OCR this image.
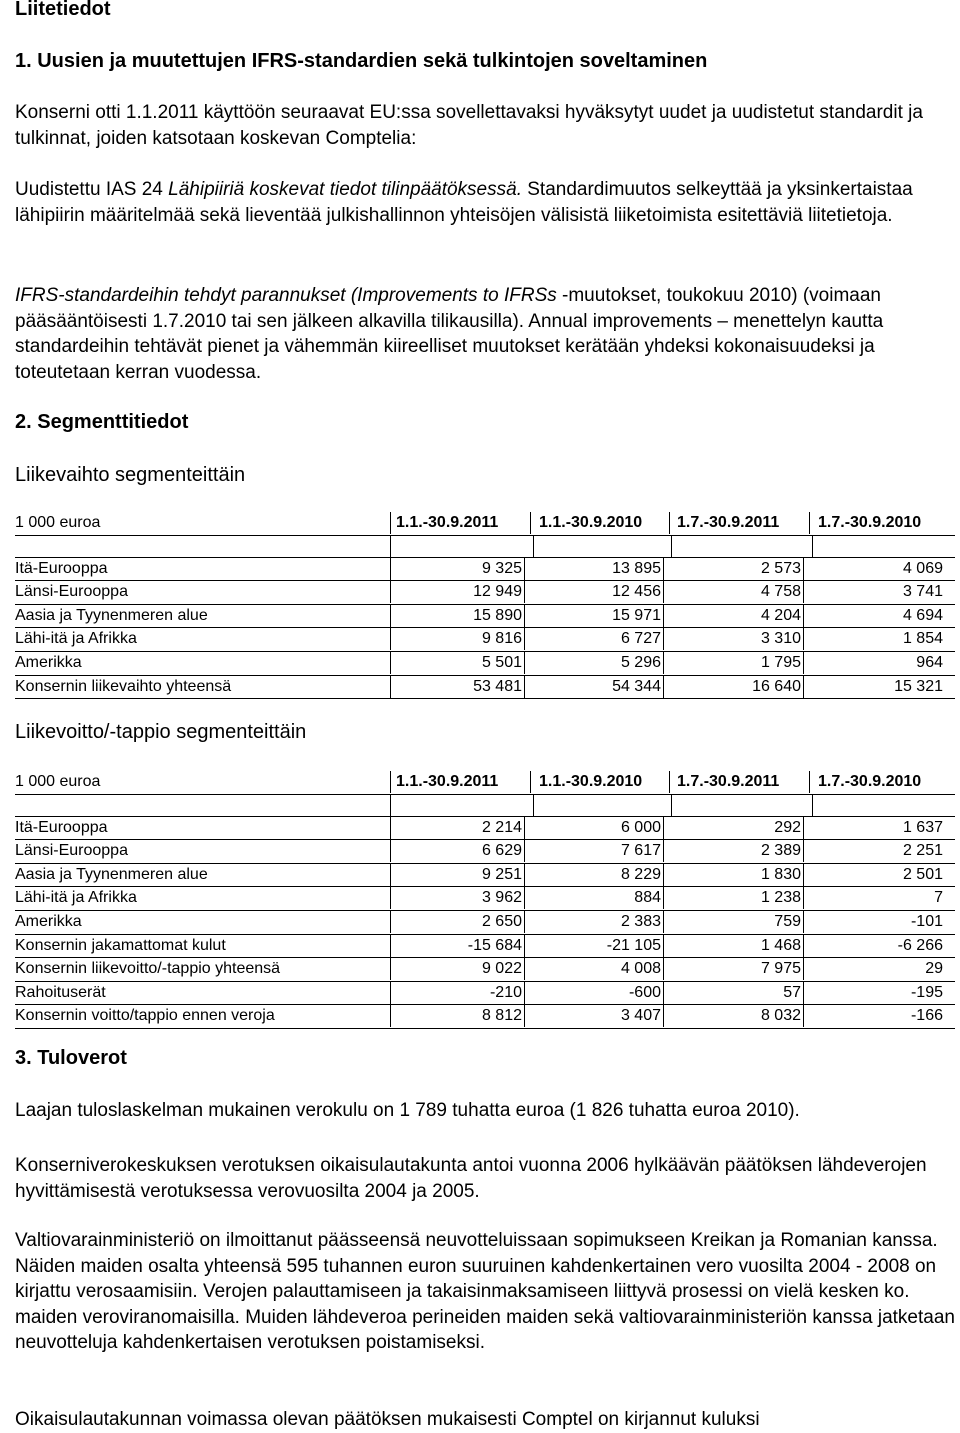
Liitetiedot
1. Uusien ja muutettujen IFRS-standardien sekä tulkintojen soveltaminen
Konserni otti 1.1.2011 käyttöön seuraavat EU:ssa sovellettavaksi hyväksytyt uudet ja uudistetut standardit ja tulkinnat, joiden katsotaan koskevan Comptelia:
Uudistettu IAS 24 Lähipiiriä koskevat tiedot tilinpäätöksessä. Standardimuutos selkeyttää ja yksinkertaistaa lähipiirin määritelmää sekä lieventää julkishallinnon yhteisöjen välisistä liiketoimista esitettäviä liitetietoja.
IFRS-standardeihin tehdyt parannukset (Improvements to IFRSs -muutokset, toukokuu 2010) (voimaan pääsääntöisesti 1.7.2010 tai sen jälkeen alkavilla tilikausilla). Annual improvements – menettelyn kautta standardeihin tehtävät pienet ja vähemmän kiireelliset muutokset kerätään yhdeksi kokonaisuudeksi ja toteutetaan kerran vuodessa.
2. Segmenttitiedot
Liikevaihto segmenteittäin
1 000 euroa	1.1.-30.9.2011	1.1.-30.9.2010	1.7.-30.9.2011	1.7.-30.9.2010
Itä-Eurooppa	9 325	13 895	2 573	4 069
Länsi-Eurooppa	12 949	12 456	4 758	3 741
Aasia ja Tyynenmeren alue	15 890	15 971	4 204	4 694
Lähi-itä ja Afrikka	9 816	6 727	3 310	1 854
Amerikka	5 501	5 296	1 795	964
Konsernin liikevaihto yhteensä	53 481	54 344	16 640	15 321
Liikevoitto/-tappio segmenteittäin
1 000 euroa	1.1.-30.9.2011	1.1.-30.9.2010	1.7.-30.9.2011	1.7.-30.9.2010
Itä-Eurooppa	2 214	6 000	292	1 637
Länsi-Eurooppa	6 629	7 617	2 389	2 251
Aasia ja Tyynenmeren alue	9 251	8 229	1 830	2 501
Lähi-itä ja Afrikka	3 962	884	1 238	7
Amerikka	2 650	2 383	759	-101
Konsernin jakamattomat kulut	-15 684	-21 105	1 468	-6 266
Konsernin liikevoitto/-tappio yhteensä	9 022	4 008	7 975	29
Rahoituserät	-210	-600	57	-195
Konsernin voitto/tappio ennen veroja	8 812	3 407	8 032	-166
3. Tuloverot
Laajan tuloslaskelman mukainen verokulu on 1 789 tuhatta euroa (1 826 tuhatta euroa 2010).
Konserniverokeskuksen verotuksen oikaisulautakunta antoi vuonna 2006 hylkäävän päätöksen lähdeverojen hyvittämisestä verotuksessa verovuosilta 2004 ja 2005.
Valtiovarainministeriö on ilmoittanut päässeensä neuvotteluissaan sopimukseen Kreikan ja Romanian kanssa. Näiden maiden osalta yhteensä 595 tuhannen euron suuruinen kahdenkertainen vero vuosilta 2004 - 2008 on kirjattu verosaamisiin. Verojen palauttamiseen ja takaisinmaksamiseen liittyvä prosessi on vielä kesken ko. maiden veroviranomaisilla. Muiden lähdeveroa perineiden maiden sekä valtiovarainministeriön kanssa jatketaan neuvotteluja kahdenkertaisen verotuksen poistamiseksi.
Oikaisulautakunnan voimassa olevan päätöksen mukaisesti Comptel on kirjannut kuluksi
